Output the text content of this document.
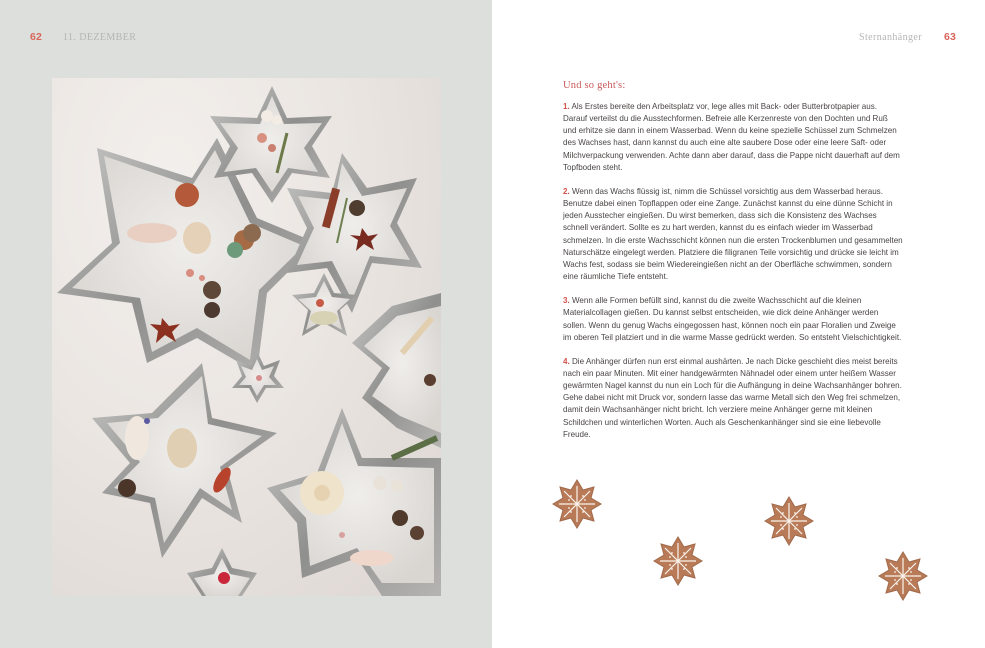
62 11. DEZEMBER	Sternanhänger 63
Und so geht's:

1. Als Erstes bereite den Arbeitsplatz vor, lege alles mit Back- oder Butterbrotpapier aus. Darauf verteilst du die Ausstechformen. Befreie alle Kerzenreste von den Dochten und Ruß und erhitze sie dann in einem Wasserbad. Wenn du keine spezielle Schüssel zum Schmelzen des Wachses hast, dann kannst du auch eine alte saubere Dose oder eine leere Saft- oder Milchverpackung verwenden. Achte dann aber darauf, dass die Pappe nicht dauerhaft auf dem Topfboden steht.

2. Wenn das Wachs flüssig ist, nimm die Schüssel vorsichtig aus dem Wasserbad heraus. Benutze dabei einen Topflappen oder eine Zange. Zunächst kannst du eine dünne Schicht in jeden Ausstecher eingießen. Du wirst bemerken, dass sich die Konsistenz des Wachses schnell verändert. Sollte es zu hart werden, kannst du es einfach wieder im Wasserbad schmelzen. In die erste Wachsschicht können nun die ersten Trockenblumen und gesammelten Naturschätze eingelegt werden. Platziere die filigranen Teile vorsichtig und drücke sie leicht im Wachs fest, sodass sie beim Wiedereingießen nicht an der Oberfläche schwimmen, sondern eine räumliche Tiefe entsteht.

3. Wenn alle Formen befüllt sind, kannst du die zweite Wachsschicht auf die kleinen Materialcollagen gießen. Du kannst selbst entscheiden, wie dick deine Anhänger werden sollen. Wenn du genug Wachs eingegossen hast, können noch ein paar Floralien und Zweige im oberen Teil platziert und in die warme Masse gedrückt werden. So entsteht Vielschichtigkeit.

4. Die Anhänger dürfen nun erst einmal aushärten. Je nach Dicke geschieht dies meist bereits nach ein paar Minuten. Mit einer handgewärmten Nähnadel oder einem unter heißem Wasser gewärmten Nagel kannst du nun ein Loch für die Aufhängung in deine Wachsanhänger bohren. Gehe dabei nicht mit Druck vor, sondern lasse das warme Metall sich den Weg frei schmelzen, damit dein Wachsanhänger nicht bricht. Ich verziere meine Anhänger gerne mit kleinen Schildchen und winterlichen Worten. Auch als Geschenkanhänger sind sie eine liebevolle Freude.
